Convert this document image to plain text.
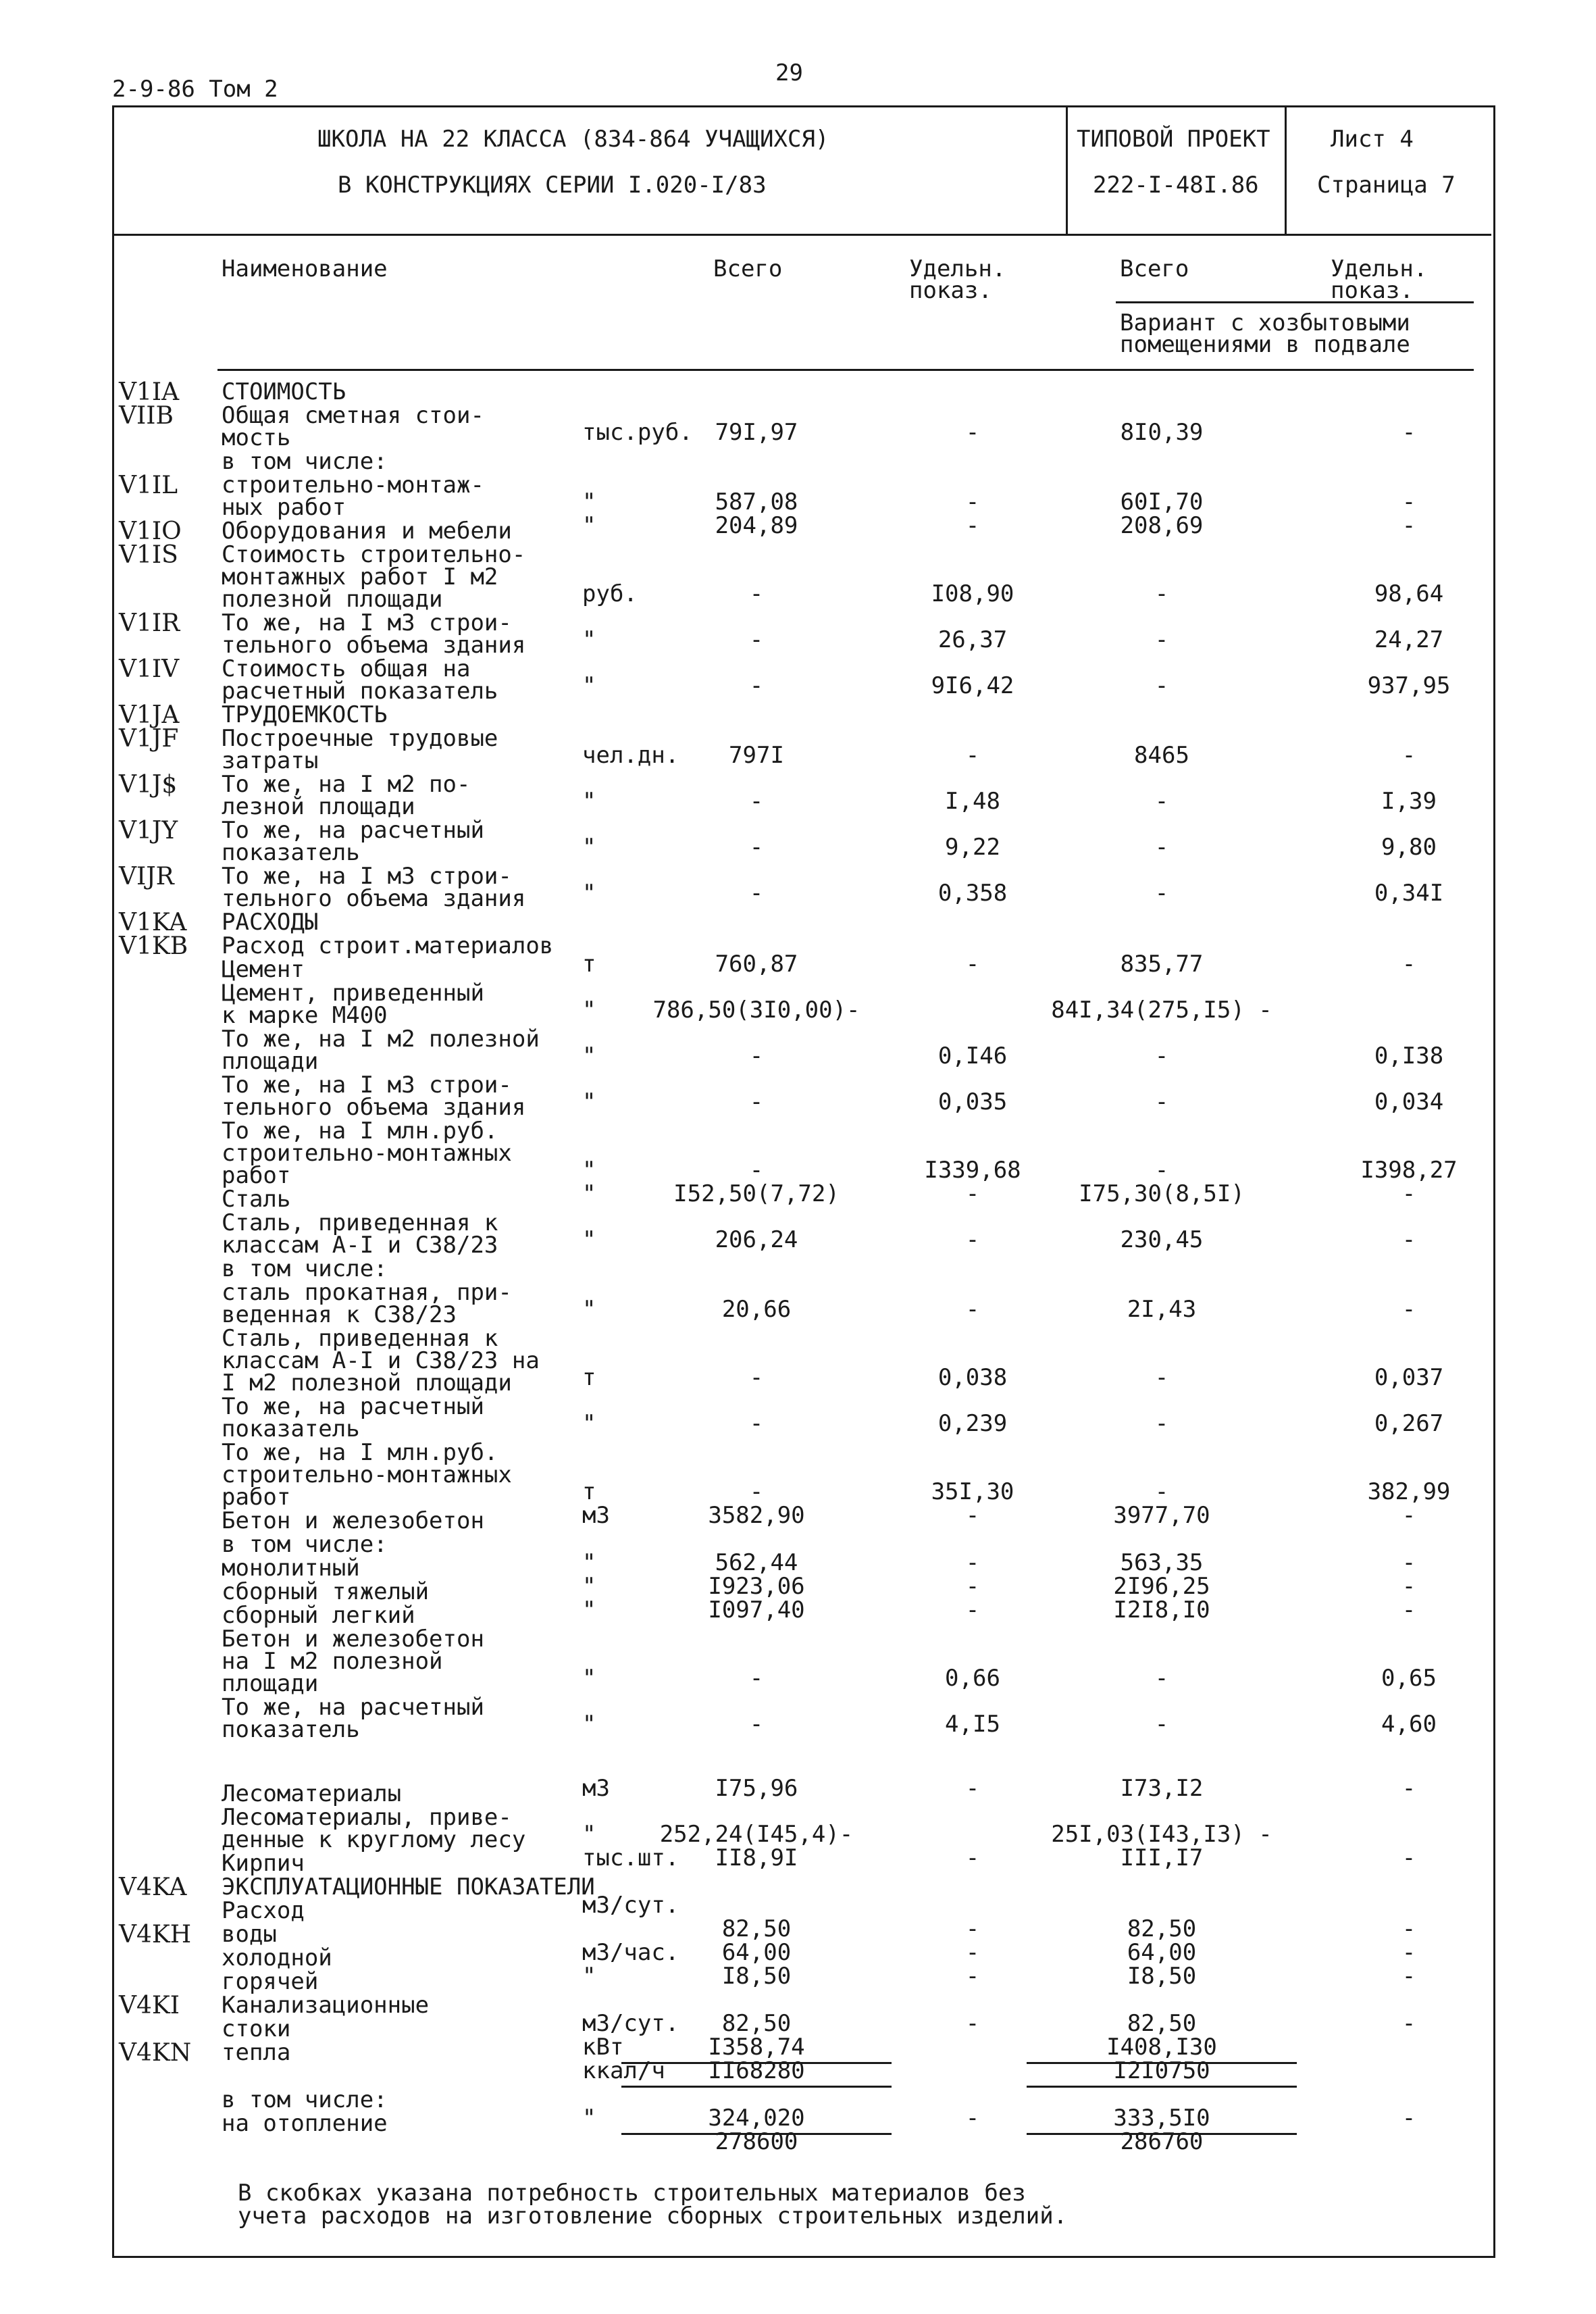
2-9-86 Том 2
29
ШКОЛА НА 22 КЛАССА (834-864 УЧАЩИХСЯ)
В КОНСТРУКЦИЯХ СЕРИИ I.020-I/83
ТИПОВОЙ ПРОЕКТ
222-I-48I.86
Лист 4
Страница 7
Наименование	Всего	Удельн.
показ.
Всего	Удельн.
показ.
Вариант с хозбытовыми
помещениями в подвале
V1IA СТОИМОСТЬ
VIIB Общая сметная стои-
мость	тыс.руб. 79I,97	-	8I0,39	-
в том числе:
V1IL строительно-монтаж-
ных работ	"	587,08	-	60I,70	-
V1IO Оборудования и мебели	"	204,89	-	208,69	-
V1IS Стоимость строительно-
монтажных работ I м2
полезной площади	руб.	-	I08,90	-	98,64
V1IR То же, на I м3 строи-
тельного объема здания "	-	26,37	-	24,27
V1IV Стоимость общая на
расчетный показатель	"	-	9I6,42	-	937,95
V1JA ТРУДОЕМКОСТЬ
V1JF Построечные трудовые
затраты	чел.дн.	797I	-	8465	-
V1J$ То же, на I м2 по-
лезной площади	"	-	I,48	-	I,39
V1JY То же, на расчетный
показатель	"	-	9,22	-	9,80
VIJR То же, на I м3 строи-
тельного объема здания "	-	0,358	-	0,34I
V1KA РАСХОДЫ
V1KB Расход строит.материалов
Цемент	т	760,87	-	835,77	-
Цемент, приведенный
к марке М400	"	786,50(3I0,00)-	84I,34(275,I5) -
То же, на I м2 полезной
площади	"	-	0,I46	-	0,I38
То же, на I м3 строи-
тельного объема здания "	-	0,035	-	0,034
То же, на I млн.руб.
строительно-монтажных
работ	"	-	I339,68	-	I398,27
Сталь	"	I52,50(7,72)	-	I75,30(8,5I)	-
Сталь, приведенная к
классам А-I и С38/23	"	206,24	-	230,45	-
в том числе:
сталь прокатная, при-
веденная к С38/23	"	20,66	-	2I,43	-
Сталь, приведенная к
классам А-I и С38/23 на
I м2 полезной площади	т	-	0,038	-	0,037
То же, на расчетный
показатель	"	-	0,239	-	0,267
То же, на I млн.руб.
строительно-монтажных
работ	т	-	35I,30	-	382,99
Бетон и железобетон	м3	3582,90	-	3977,70	-
в том числе:
монолитный	"	562,44	-	563,35	-
сборный тяжелый	"	I923,06	-	2I96,25	-
сборный легкий	"	I097,40	-	I2I8,I0	-
Бетон и железобетон
на I м2 полезной
площади	"	-	0,66	-	0,65
То же, на расчетный
показатель	"	-	4,I5	-	4,60
Лесоматериалы	м3	I75,96	-	I73,I2	-
Лесоматериалы, приве-
денные к круглому лесу "	252,24(I45,4)-	25I,03(I43,I3) -
Кирпич	тыс.шт.	II8,9I	-	III,I7	-
V4KA ЭКСПЛУАТАЦИОННЫЕ ПОКАЗАТЕЛИ
Расход	м3/сут.
V4KH воды	82,50	-	82,50	-
холодной	м3/час.	64,00	-	64,00	-
горячей	"	I8,50	-	I8,50	-
V4KI Канализационные
стоки	м3/сут.	82,50	-	82,50	-
V4KN тепла	кВт	I358,74	I408,I30
ккал/ч	II68280	I2I0750
в том числе:
на отопление	"	324,020	-	333,5I0	-
278600	286760
В скобках указана потребность строительных материалов без
учета расходов на изготовление сборных строительных изделий.
